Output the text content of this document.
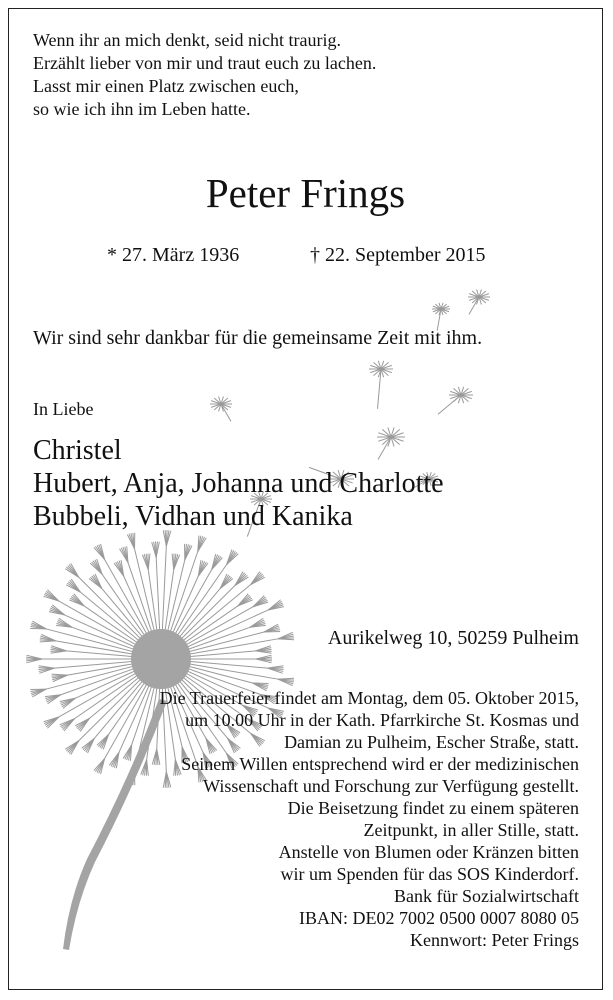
Wenn ihr an mich denkt, seid nicht traurig.
Erzählt lieber von mir und traut euch zu lachen.
Lasst mir einen Platz zwischen euch,
so wie ich ihn im Leben hatte.
Peter Frings
* 27. März 1936	† 22. September 2015
Wir sind sehr dankbar für die gemeinsame Zeit mit ihm.
In Liebe
Christel
Hubert, Anja, Johanna und Charlotte
Bubbeli, Vidhan und Kanika
Aurikelweg 10, 50259 Pulheim
Die Trauerfeier findet am Montag, dem 05. Oktober 2015,
um 10.00 Uhr in der Kath. Pfarrkirche St. Kosmas und
Damian zu Pulheim, Escher Straße, statt.
Seinem Willen entsprechend wird er der medizinischen
Wissenschaft und Forschung zur Verfügung gestellt.
Die Beisetzung findet zu einem späteren
Zeitpunkt, in aller Stille, statt.
Anstelle von Blumen oder Kränzen bitten
wir um Spenden für das SOS Kinderdorf.
Bank für Sozialwirtschaft
IBAN: DE02 7002 0500 0007 8080 05
Kennwort: Peter Frings
